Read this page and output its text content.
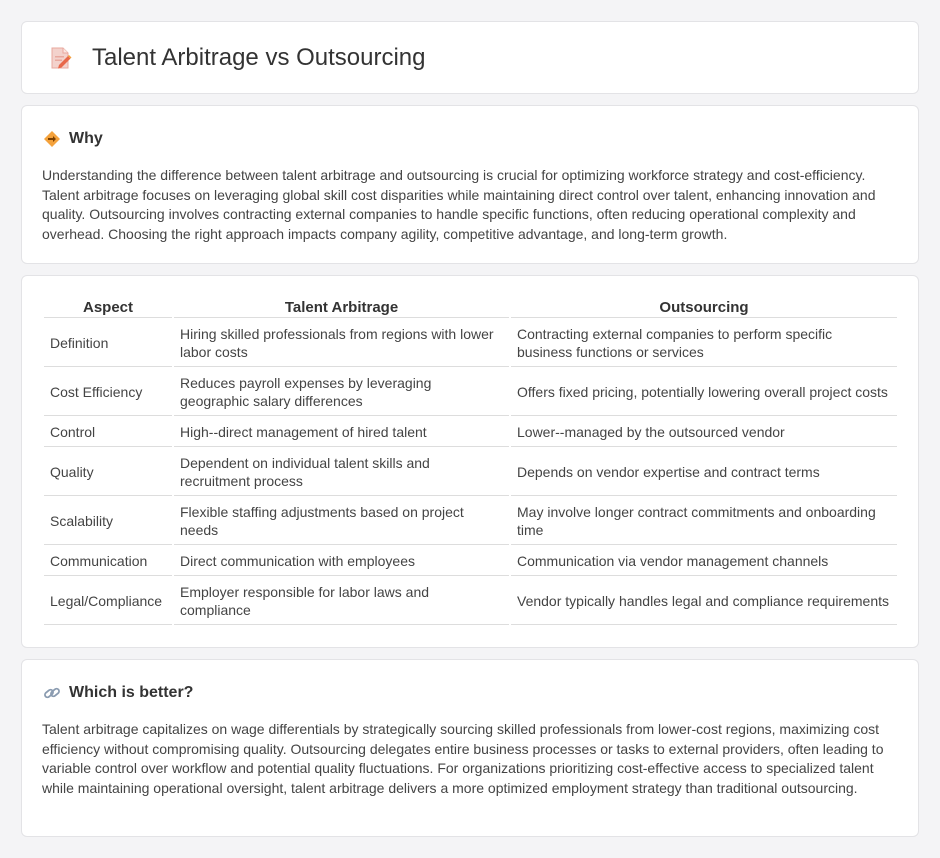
Talent Arbitrage vs Outsourcing
Why

Understanding the difference between talent arbitrage and outsourcing is crucial for optimizing workforce strategy and cost-efficiency. Talent arbitrage focuses on leveraging global skill cost disparities while maintaining direct control over talent, enhancing innovation and quality. Outsourcing involves contracting external companies to handle specific functions, often reducing operational complexity and overhead. Choosing the right approach impacts company agility, competitive advantage, and long-term growth.

Aspect	Talent Arbitrage	Outsourcing
Definition	Hiring skilled professionals from regions with lower labor costs	Contracting external companies to perform specific business functions or services
Cost Efficiency	Reduces payroll expenses by leveraging geographic salary differences	Offers fixed pricing, potentially lowering overall project costs
Control	High--direct management of hired talent	Lower--managed by the outsourced vendor
Quality	Dependent on individual talent skills and recruitment process	Depends on vendor expertise and contract terms
Scalability	Flexible staffing adjustments based on project needs	May involve longer contract commitments and onboarding time
Communication	Direct communication with employees	Communication via vendor management channels
Legal/Compliance	Employer responsible for labor laws and compliance	Vendor typically handles legal and compliance requirements
Which is better?

Talent arbitrage capitalizes on wage differentials by strategically sourcing skilled professionals from lower-cost regions, maximizing cost efficiency without compromising quality. Outsourcing delegates entire business processes or tasks to external providers, often leading to variable control over workflow and potential quality fluctuations. For organizations prioritizing cost-effective access to specialized talent while maintaining operational oversight, talent arbitrage delivers a more optimized employment strategy than traditional outsourcing.
